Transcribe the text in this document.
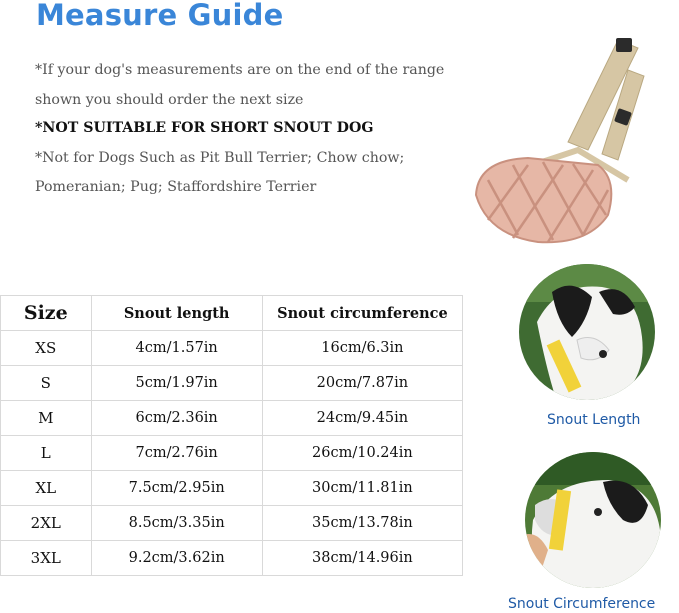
Measure Guide
*If your dog's measurements are on the end of the range
shown you should order the next size
*NOT SUITABLE FOR SHORT SNOUT DOG
*Not for Dogs Such as Pit Bull Terrier; Chow chow;
Pomeranian; Pug; Staffordshire Terrier
Size	Snout length	Snout circumference
XS	4cm/1.57in	16cm/6.3in
S	5cm/1.97in	20cm/7.87in
M	6cm/2.36in	24cm/9.45in
L	7cm/2.76in	26cm/10.24in
XL	7.5cm/2.95in	30cm/11.81in
2XL	8.5cm/3.35in	35cm/13.78in
3XL	9.2cm/3.62in	38cm/14.96in
Snout Length
Snout Circumference
